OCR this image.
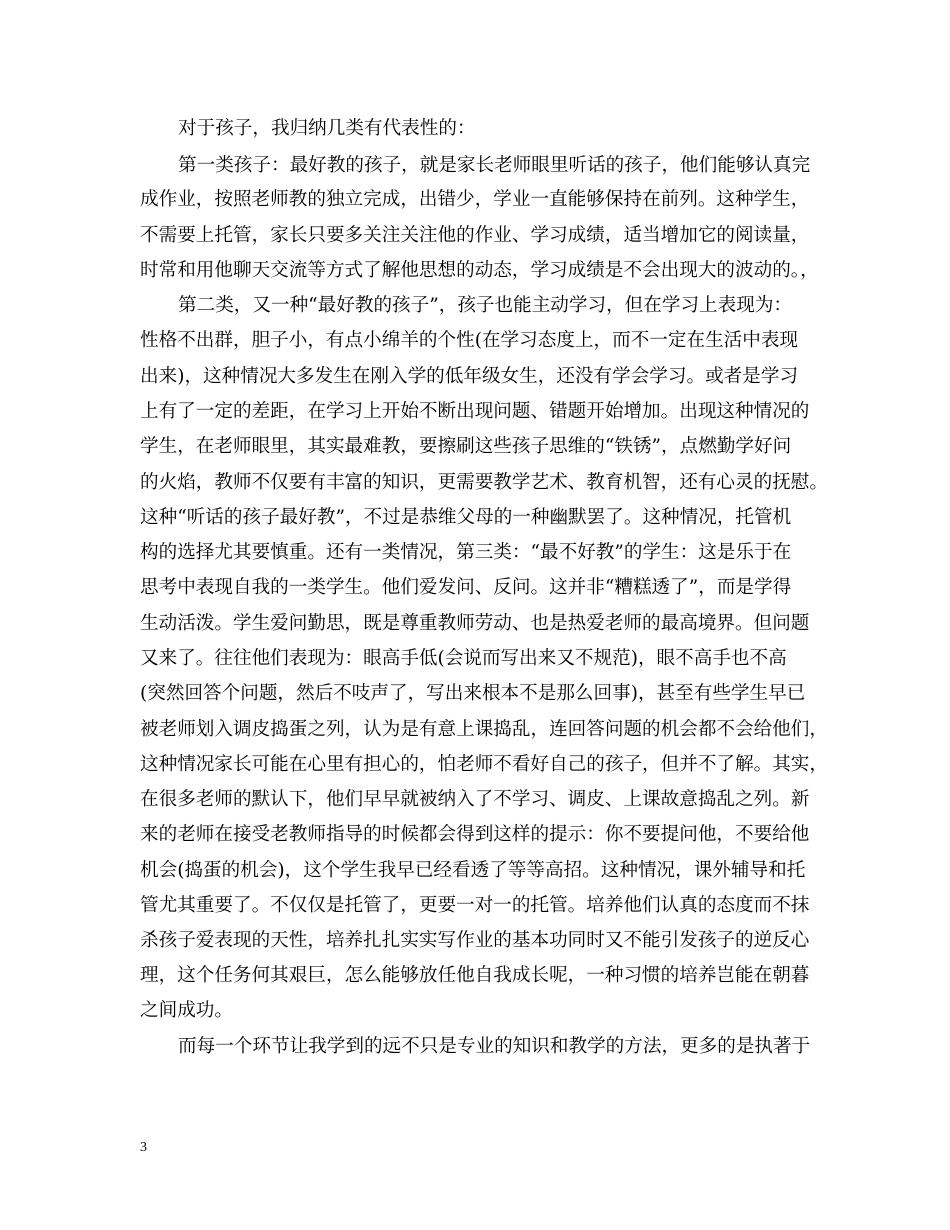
对于孩子，我归纳几类有代表性的：
第一类孩子：最好教的孩子，就是家长老师眼里听话的孩子，他们能够认真完
成作业，按照老师教的独立完成，出错少，学业一直能够保持在前列。这种学生，
不需要上托管，家长只要多关注关注他的作业、学习成绩，适当增加它的阅读量，
时常和用他聊天交流等方式了解他思想的动态，学习成绩是不会出现大的波动的。，
第二类，又一种“最好教的孩子”，孩子也能主动学习，但在学习上表现为：
性格不出群，胆子小，有点小绵羊的个性(在学习态度上，而不一定在生活中表现
出来)，这种情况大多发生在刚入学的低年级女生，还没有学会学习。或者是学习
上有了一定的差距，在学习上开始不断出现问题、错题开始增加。出现这种情况的
学生，在老师眼里，其实最难教，要擦刷这些孩子思维的“铁锈”，点燃勤学好问
的火焰，教师不仅要有丰富的知识，更需要教学艺术、教育机智，还有心灵的抚慰。
这种“听话的孩子最好教”，不过是恭维父母的一种幽默罢了。这种情况，托管机
构的选择尤其要慎重。还有一类情况，第三类：“最不好教”的学生：这是乐于在
思考中表现自我的一类学生。他们爱发问、反问。这并非“糟糕透了”，而是学得
生动活泼。学生爱问勤思，既是尊重教师劳动、也是热爱老师的最高境界。但问题
又来了。往往他们表现为：眼高手低(会说而写出来又不规范)，眼不高手也不高
(突然回答个问题，然后不吱声了，写出来根本不是那么回事)，甚至有些学生早已
被老师划入调皮捣蛋之列，认为是有意上课捣乱，连回答问题的机会都不会给他们，
这种情况家长可能在心里有担心的，怕老师不看好自己的孩子，但并不了解。其实，
在很多老师的默认下，他们早早就被纳入了不学习、调皮、上课故意捣乱之列。新
来的老师在接受老教师指导的时候都会得到这样的提示：你不要提问他，不要给他
机会(捣蛋的机会)，这个学生我早已经看透了等等高招。这种情况，课外辅导和托
管尤其重要了。不仅仅是托管了，更要一对一的托管。培养他们认真的态度而不抹
杀孩子爱表现的天性，培养扎扎实实写作业的基本功同时又不能引发孩子的逆反心
理，这个任务何其艰巨，怎么能够放任他自我成长呢，一种习惯的培养岂能在朝暮
之间成功。
而每一个环节让我学到的远不只是专业的知识和教学的方法，更多的是执著于
3
